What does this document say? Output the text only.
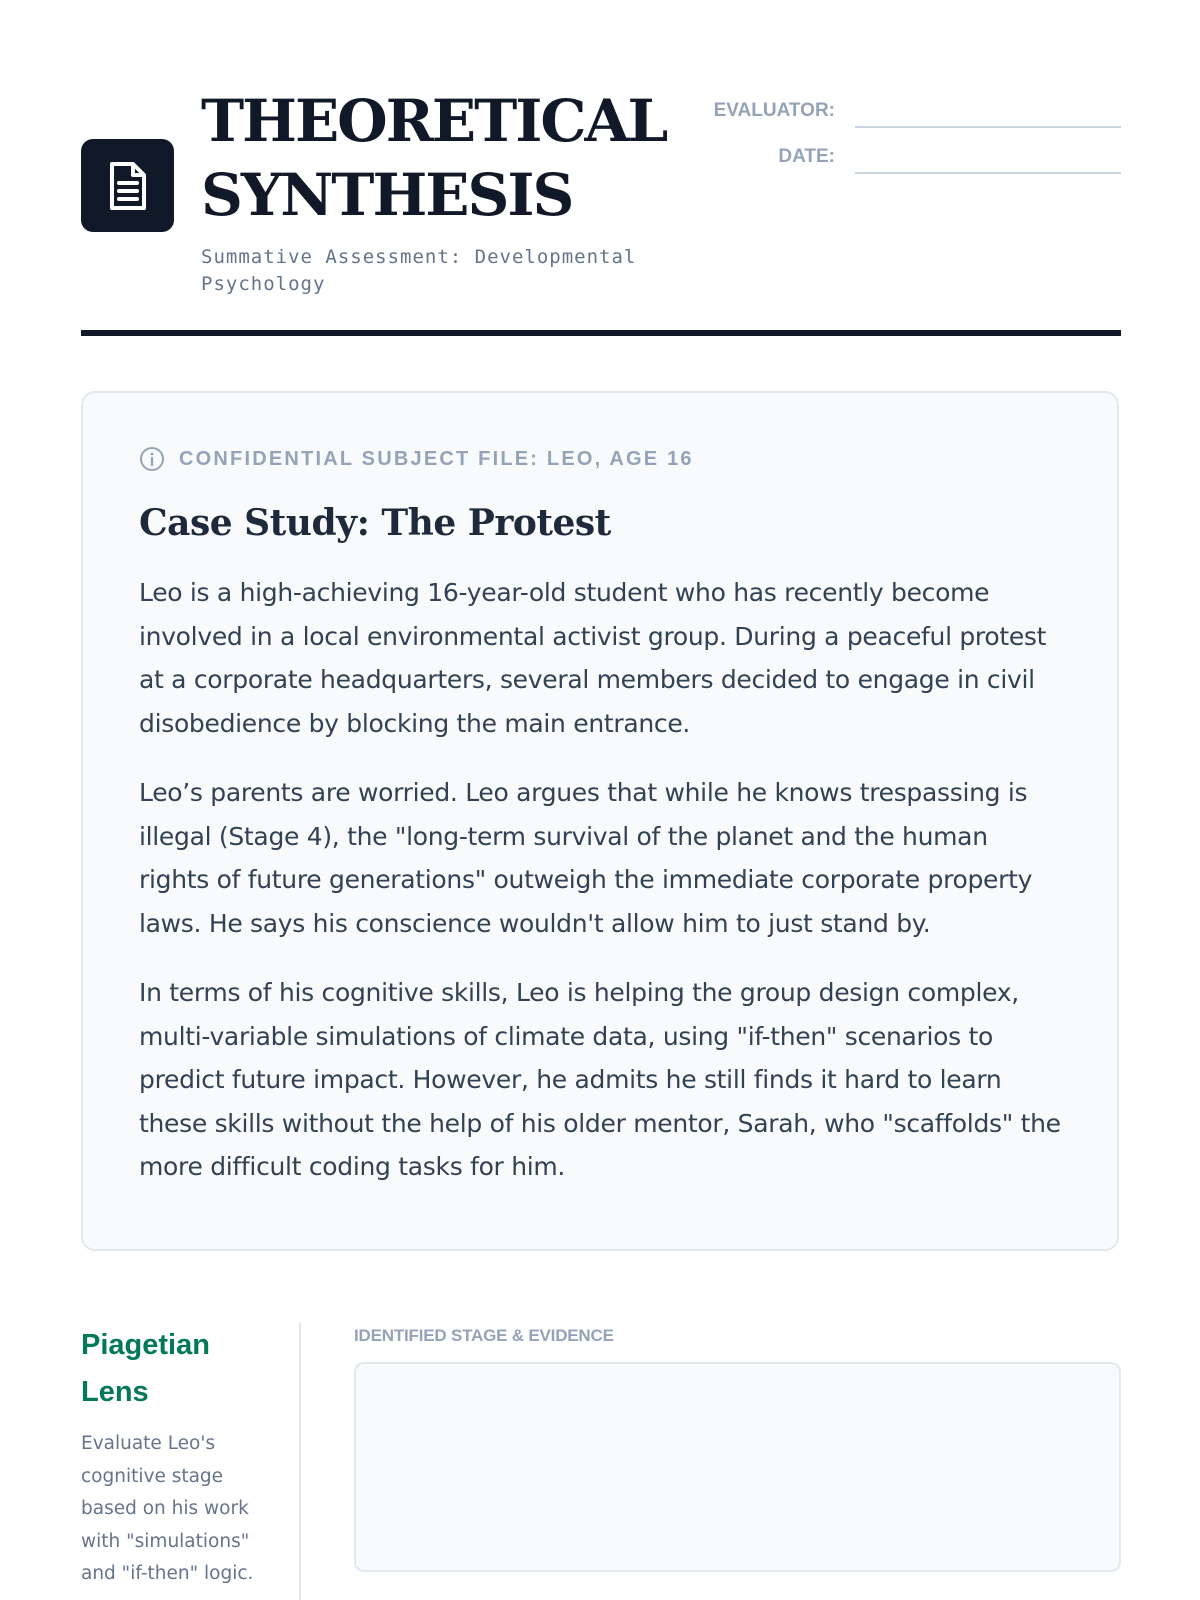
THEORETICAL
SYNTHESIS
Summative Assessment: Developmental Psychology
EVALUATOR:
DATE:
CONFIDENTIAL SUBJECT FILE: LEO, AGE 16
Case Study: The Protest

Leo is a high-achieving 16-year-old student who has recently become involved in a local environmental activist group. During a peaceful protest at a corporate headquarters, several members decided to engage in civil disobedience by blocking the main entrance.

Leo’s parents are worried. Leo argues that while he knows trespassing is illegal (Stage 4), the "long-term survival of the planet and the human rights of future generations" outweigh the immediate corporate property laws. He says his conscience wouldn't allow him to just stand by.

In terms of his cognitive skills, Leo is helping the group design complex, multi-variable simulations of climate data, using "if-then" scenarios to predict future impact. However, he admits he still finds it hard to learn these skills without the help of his older mentor, Sarah, who "scaffolds" the more difficult coding tasks for him.

Piagetian Lens
Evaluate Leo's cognitive stage based on his work with "simulations" and "if-then" logic.
IDENTIFIED STAGE & EVIDENCE
